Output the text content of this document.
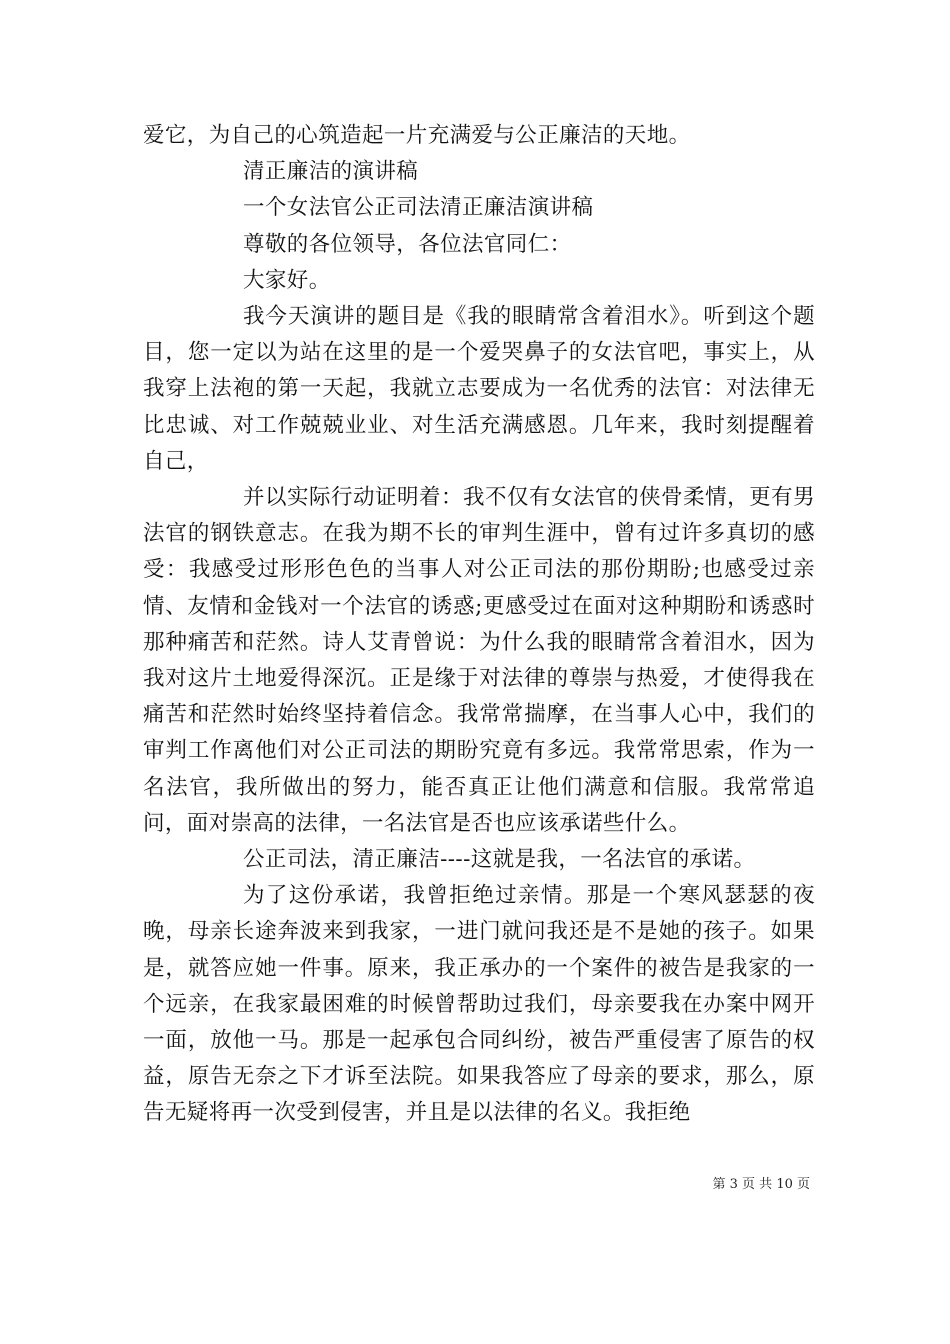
爱它，为自己的心筑造起一片充满爱与公正廉洁的天地。

清正廉洁的演讲稿

一个女法官公正司法清正廉洁演讲稿

尊敬的各位领导，各位法官同仁：

大家好。

我今天演讲的题目是《我的眼睛常含着泪水》。听到这个题目，您一定以为站在这里的是一个爱哭鼻子的女法官吧，事实上，从我穿上法袍的第一天起，我就立志要成为一名优秀的法官：对法律无比忠诚、对工作兢兢业业、对生活充满感恩。几年来，我时刻提醒着自己，

并以实际行动证明着：我不仅有女法官的侠骨柔情，更有男法官的钢铁意志。在我为期不长的审判生涯中，曾有过许多真切的感受：我感受过形形色色的当事人对公正司法的那份期盼;也感受过亲情、友情和金钱对一个法官的诱惑;更感受过在面对这种期盼和诱惑时那种痛苦和茫然。诗人艾青曾说：为什么我的眼睛常含着泪水，因为我对这片土地爱得深沉。正是缘于对法律的尊崇与热爱，才使得我在痛苦和茫然时始终坚持着信念。我常常揣摩，在当事人心中，我们的审判工作离他们对公正司法的期盼究竟有多远。我常常思索，作为一名法官，我所做出的努力，能否真正让他们满意和信服。我常常追问，面对崇高的法律，一名法官是否也应该承诺些什么。

公正司法，清正廉洁----这就是我，一名法官的承诺。

为了这份承诺，我曾拒绝过亲情。那是一个寒风瑟瑟的夜晚，母亲长途奔波来到我家，一进门就问我还是不是她的孩子。如果是，就答应她一件事。原来，我正承办的一个案件的被告是我家的一个远亲，在我家最困难的时候曾帮助过我们，母亲要我在办案中网开一面，放他一马。那是一起承包合同纠纷，被告严重侵害了原告的权益，原告无奈之下才诉至法院。如果我答应了母亲的要求，那么，原告无疑将再一次受到侵害，并且是以法律的名义。我拒绝

第 3 页 共 10 页
